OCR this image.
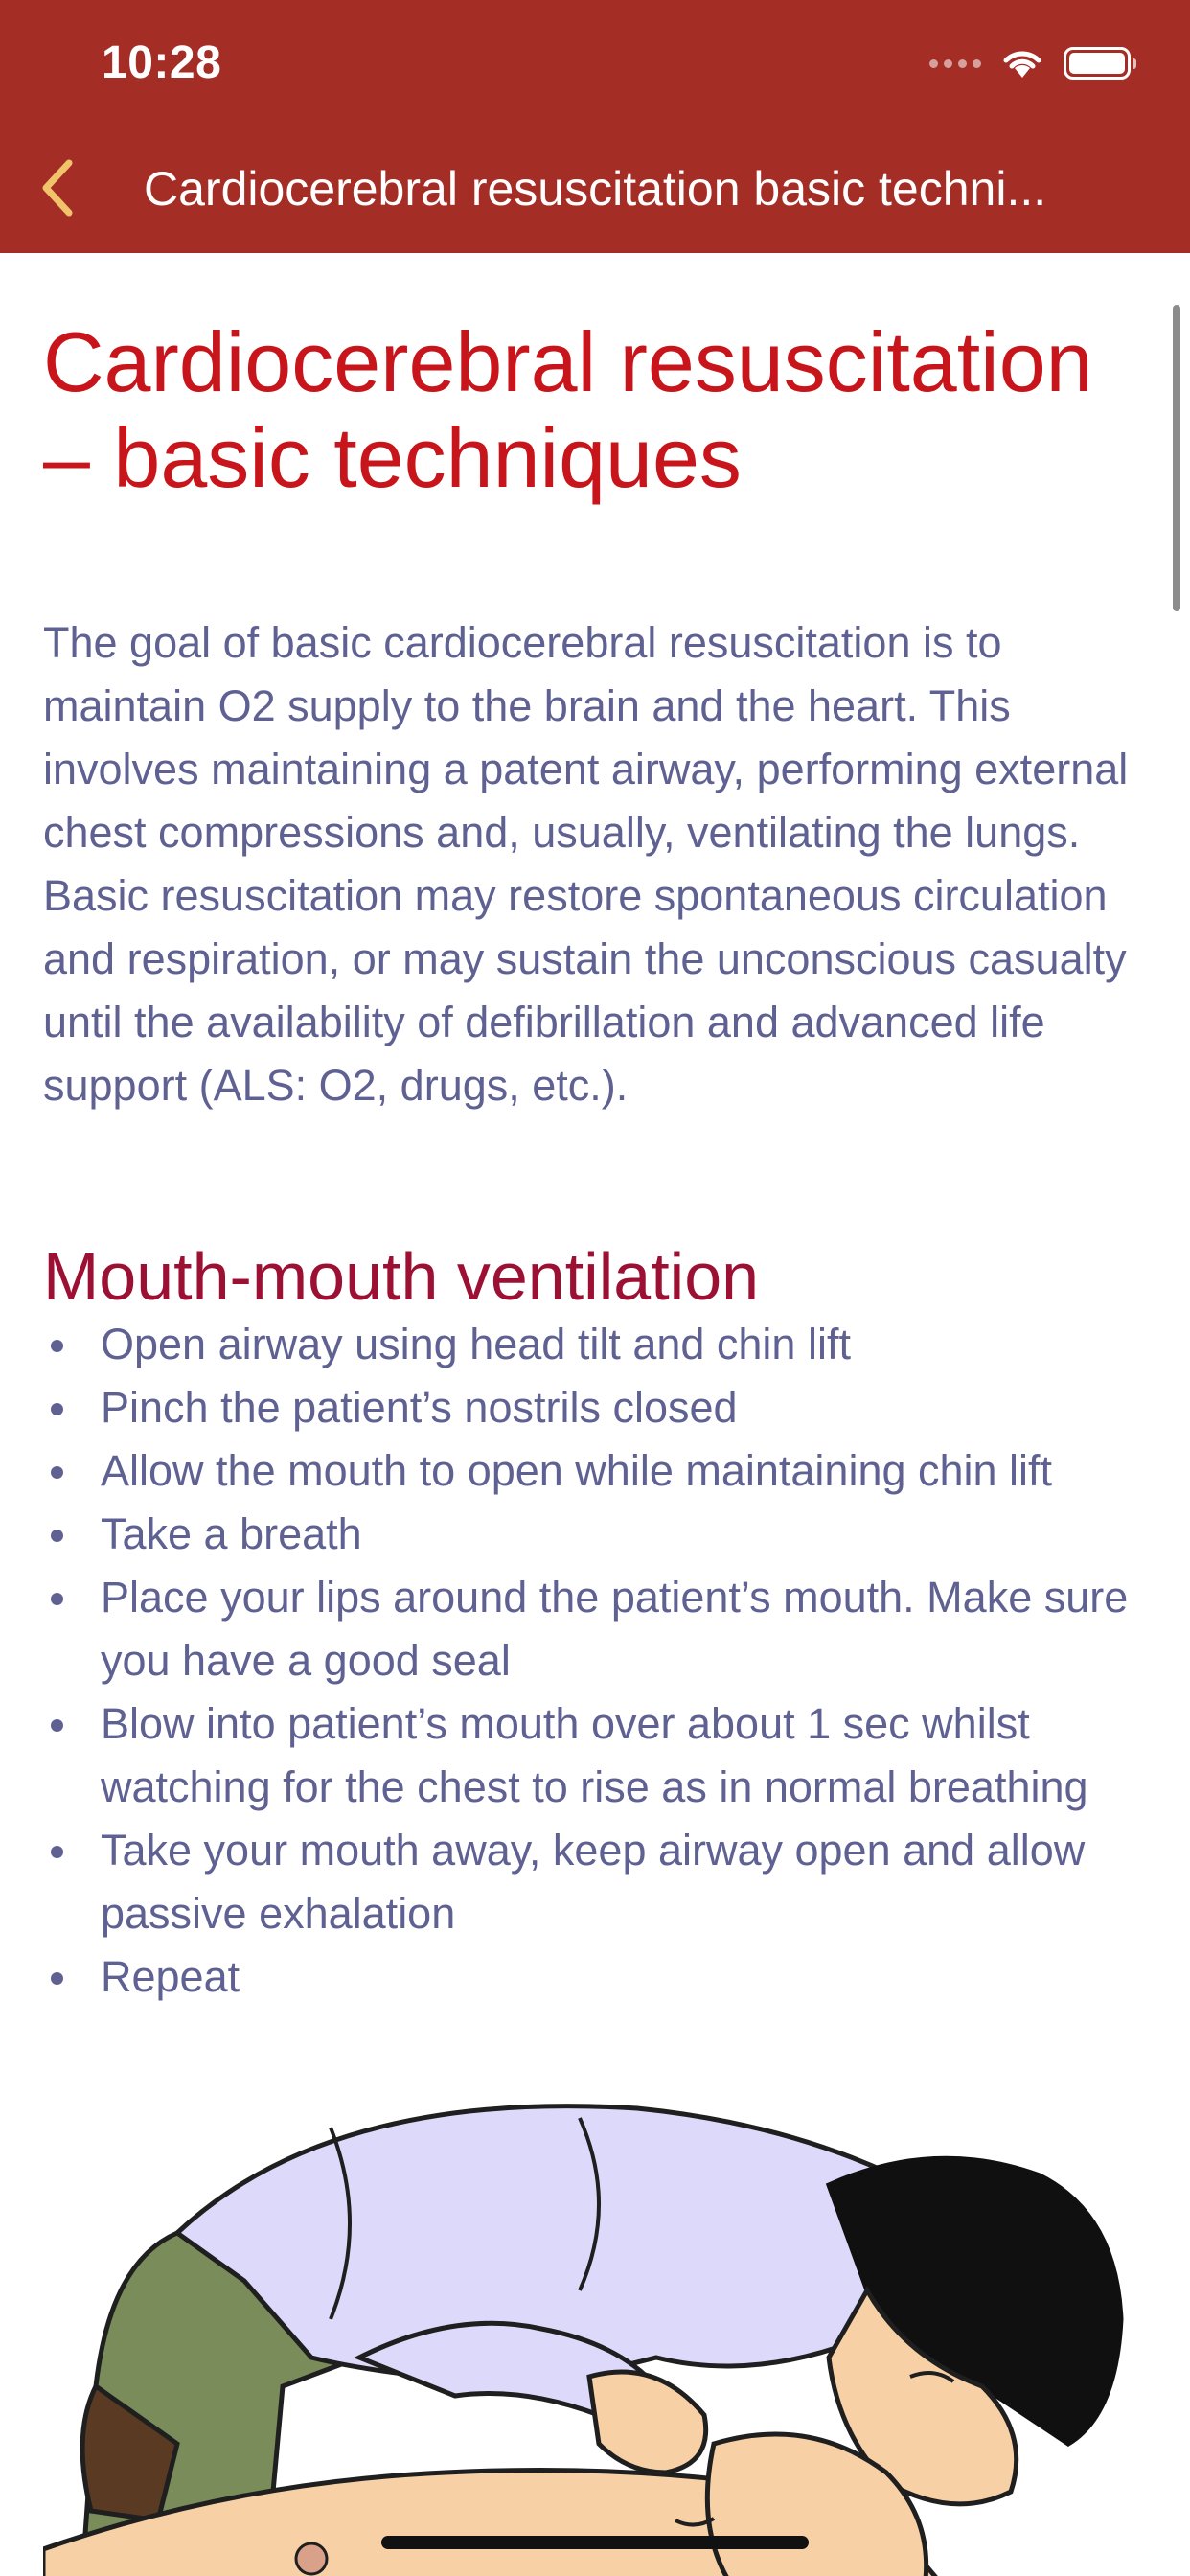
10:28
Cardiocerebral resuscitation basic techni...
Cardiocerebral resuscitation – basic techniques

The goal of basic cardiocerebral resuscitation is to maintain O2 supply to the brain and the heart. This involves maintaining a patent airway, performing external chest compressions and, usually, ventilating the lungs. Basic resuscitation may restore spontaneous circulation and respiration, or may sustain the unconscious casualty until the availability of defibrillation and advanced life support (ALS: O2, drugs, etc.).

Mouth-mouth ventilation
Open airway using head tilt and chin lift
Pinch the patient’s nostrils closed
Allow the mouth to open while maintaining chin lift
Take a breath
Place your lips around the patient’s mouth. Make sure you have a good seal
Blow into patient’s mouth over about 1 sec whilst watching for the chest to rise as in normal breathing
Take your mouth away, keep airway open and allow passive exhalation
Repeat
